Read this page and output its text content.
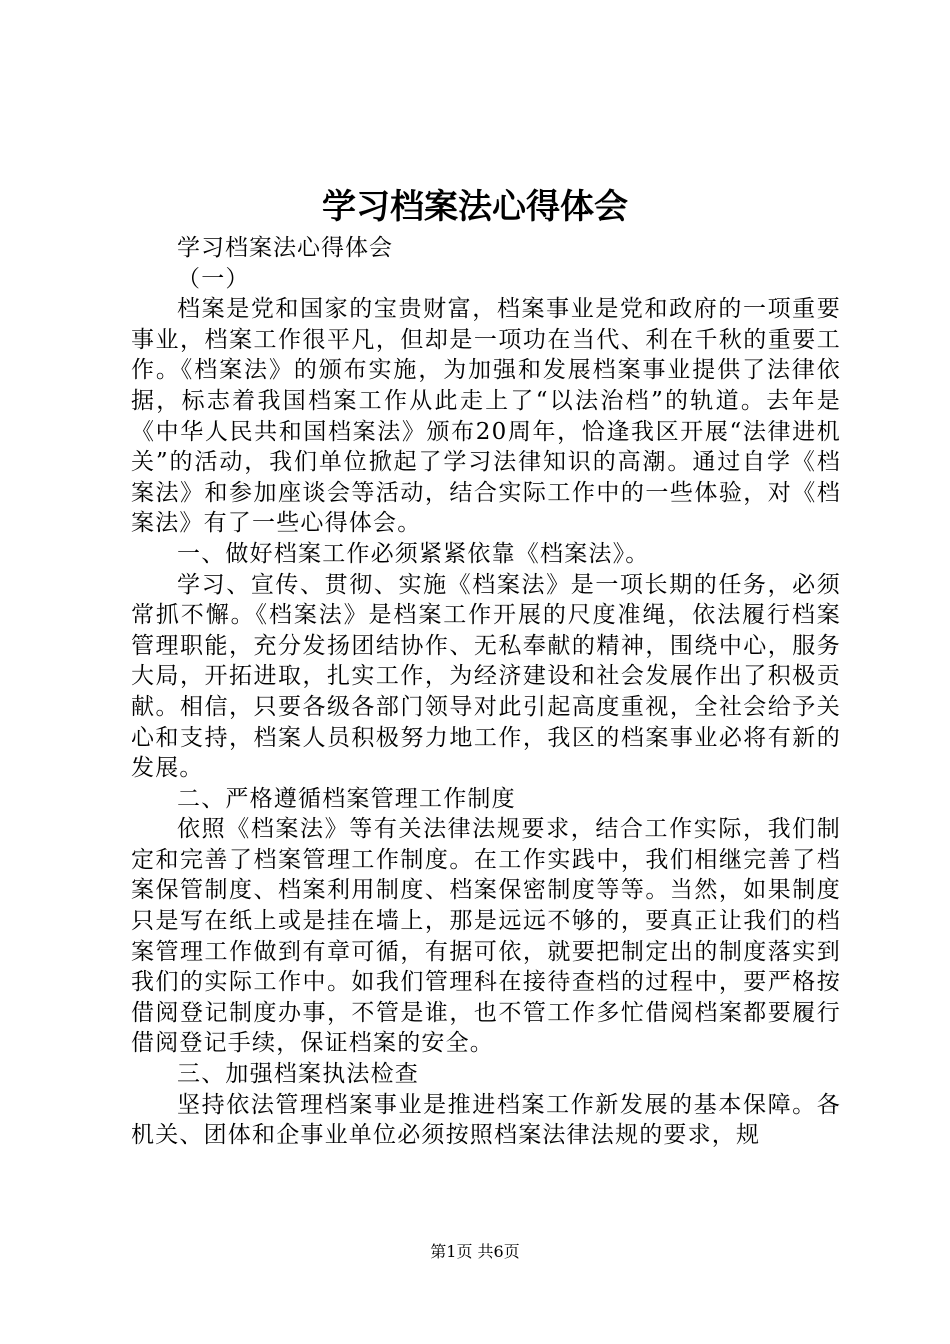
学习档案法心得体会

学习档案法心得体会

（一）

档案是党和国家的宝贵财富，档案事业是党和政府的一项重要事业，档案工作很平凡，但却是一项功在当代、利在千秋的重要工作。《档案法》的颁布实施，为加强和发展档案事业提供了法律依据，标志着我国档案工作从此走上了“以法治档”的轨道。去年是《中华人民共和国档案法》颁布20周年，恰逢我区开展“法律进机关”的活动，我们单位掀起了学习法律知识的高潮。通过自学《档案法》和参加座谈会等活动，结合实际工作中的一些体验，对《档案法》有了一些心得体会。

一、做好档案工作必须紧紧依靠《档案法》。

学习、宣传、贯彻、实施《档案法》是一项长期的任务，必须常抓不懈。《档案法》是档案工作开展的尺度准绳，依法履行档案管理职能，充分发扬团结协作、无私奉献的精神，围绕中心，服务大局，开拓进取，扎实工作，为经济建设和社会发展作出了积极贡献。相信，只要各级各部门领导对此引起高度重视，全社会给予关心和支持，档案人员积极努力地工作，我区的档案事业必将有新的发展。

二、严格遵循档案管理工作制度

依照《档案法》等有关法律法规要求，结合工作实际，我们制定和完善了档案管理工作制度。在工作实践中，我们相继完善了档案保管制度、档案利用制度、档案保密制度等等。当然，如果制度只是写在纸上或是挂在墙上，那是远远不够的，要真正让我们的档案管理工作做到有章可循，有据可依，就要把制定出的制度落实到我们的实际工作中。如我们管理科在接待查档的过程中，要严格按借阅登记制度办事，不管是谁，也不管工作多忙借阅档案都要履行借阅登记手续，保证档案的安全。

三、加强档案执法检查

坚持依法管理档案事业是推进档案工作新发展的基本保障。各机关、团体和企事业单位必须按照档案法律法规的要求，规

第1页 共6页
